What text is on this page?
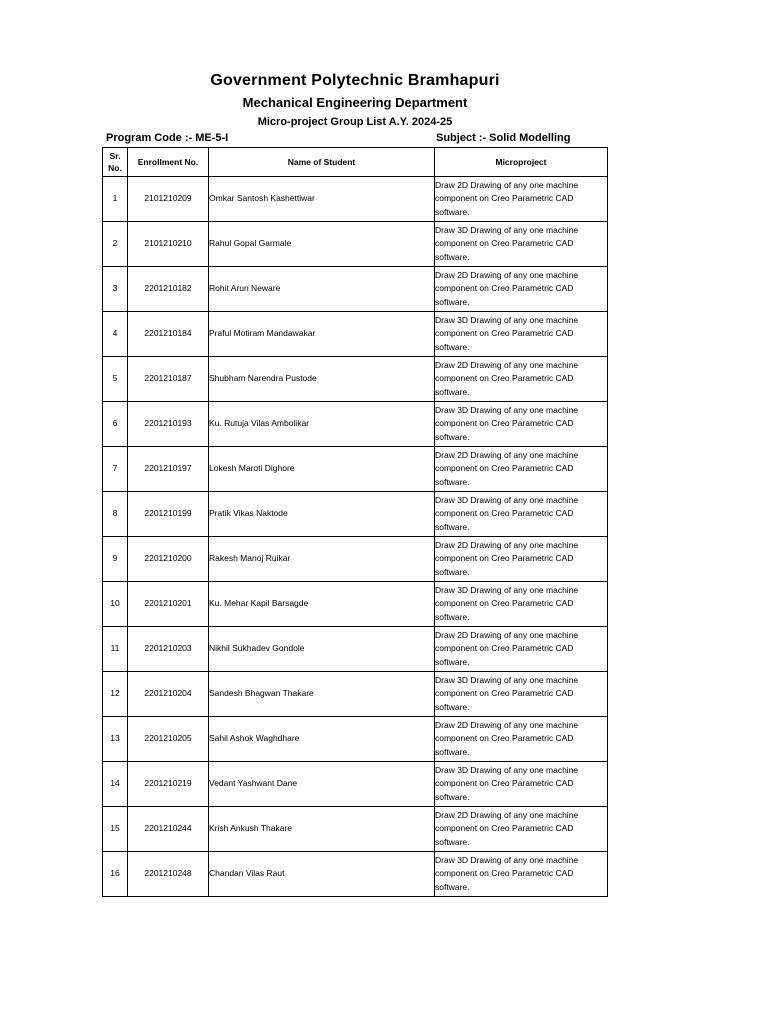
Government Polytechnic Bramhapuri
Mechanical Engineering Department
Micro-project Group List A.Y. 2024-25
Program Code :- ME-5-I	Subject :- Solid Modelling
Sr.
No.	Enrollment No.	Name of Student	Microproject
1	2101210209	Omkar Santosh Kashettiwar	Draw 2D Drawing of any one machine component on Creo Parametric CAD software.
2	2101210210	Rahul Gopal Garmale	Draw 3D Drawing of any one machine component on Creo Parametric CAD software.
3	2201210182	Rohit Arun Neware	Draw 2D Drawing of any one machine component on Creo Parametric CAD software.
4	2201210184	Praful Motiram Mandawakar	Draw 3D Drawing of any one machine component on Creo Parametric CAD software.
5	2201210187	Shubham Narendra Pustode	Draw 2D Drawing of any one machine component on Creo Parametric CAD software.
6	2201210193	Ku. Rutuja Vilas Ambolikar	Draw 3D Drawing of any one machine component on Creo Parametric CAD software.
7	2201210197	Lokesh Maroti Dighore	Draw 2D Drawing of any one machine component on Creo Parametric CAD software.
8	2201210199	Pratik Vikas Naktode	Draw 3D Drawing of any one machine component on Creo Parametric CAD software.
9	2201210200	Rakesh Manoj Ruikar	Draw 2D Drawing of any one machine component on Creo Parametric CAD software.
10	2201210201	Ku. Mehar Kapil Barsagde	Draw 3D Drawing of any one machine component on Creo Parametric CAD software.
11	2201210203	Nikhil Sukhadev Gondole	Draw 2D Drawing of any one machine component on Creo Parametric CAD software.
12	2201210204	Sandesh Bhagwan Thakare	Draw 3D Drawing of any one machine component on Creo Parametric CAD software.
13	2201210205	Sahil Ashok Waghdhare	Draw 2D Drawing of any one machine component on Creo Parametric CAD software.
14	2201210219	Vedant Yashwant Dane	Draw 3D Drawing of any one machine component on Creo Parametric CAD software.
15	2201210244	Krish Ankush Thakare	Draw 2D Drawing of any one machine component on Creo Parametric CAD software.
16	2201210248	Chandan Vilas Raut	Draw 3D Drawing of any one machine component on Creo Parametric CAD software.
